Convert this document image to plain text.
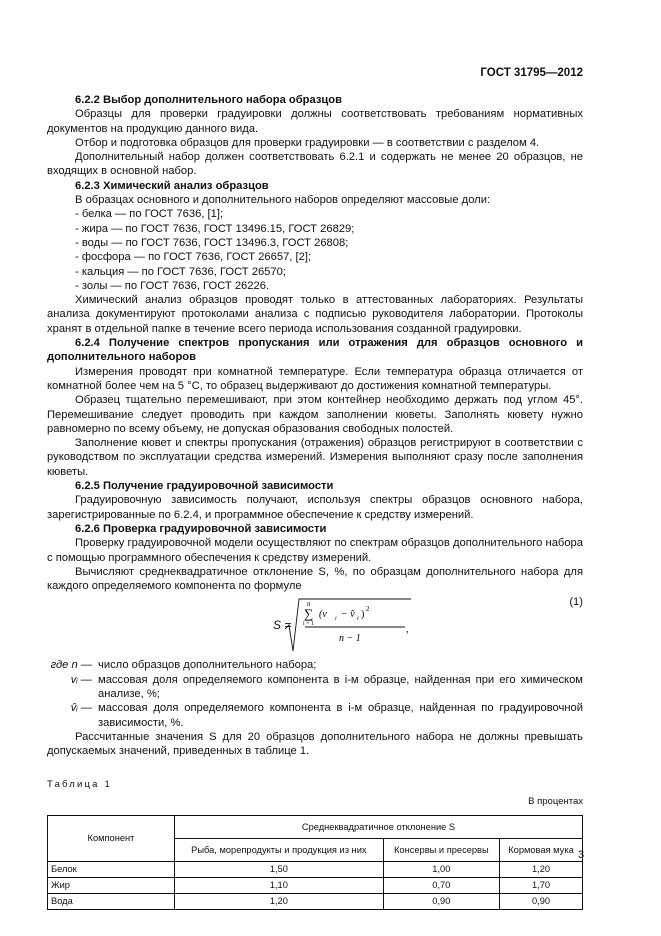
ГОСТ 31795—2012

6.2.2 Выбор дополнительного набора образцов

Образцы для проверки градуировки должны соответствовать требованиям нормативных документов на продукцию данного вида.

Отбор и подготовка образцов для проверки градуировки — в соответствии с разделом 4.

Дополнительный набор должен соответствовать 6.2.1 и содержать не менее 20 образцов, не входящих в основной набор.

6.2.3 Химический анализ образцов

В образцах основного и дополнительного наборов определяют массовые доли:

- белка — по ГОСТ 7636, [1];

- жира — по ГОСТ 7636, ГОСТ 13496.15, ГОСТ 26829;

- воды — по ГОСТ 7636, ГОСТ 13496.3, ГОСТ 26808;

- фосфора — по ГОСТ 7636, ГОСТ 26657, [2];

- кальция — по ГОСТ 7636, ГОСТ 26570;

- золы — по ГОСТ 7636, ГОСТ 26226.

Химический анализ образцов проводят только в аттестованных лабораториях. Результаты анализа документируют протоколами анализа с подписью руководителя лаборатории. Протоколы хранят в отдельной папке в течение всего периода использования созданной градуировки.

6.2.4 Получение спектров пропускания или отражения для образцов основного и дополнительного наборов

Измерения проводят при комнатной температуре. Если температура образца отличается от комнатной более чем на 5 °С, то образец выдерживают до достижения комнатной температуры.

Образец тщательно перемешивают, при этом контейнер необходимо держать под углом 45°. Перемешивание следует проводить при каждом заполнении кюветы. Заполнять кювету нужно равномерно по всему объему, не допуская образования свободных полостей.

Заполнение кювет и спектры пропускания (отражения) образцов регистрируют в соответствии с руководством по эксплуатации средства измерений. Измерения выполняют сразу после заполнения кюветы.

6.2.5 Получение градуировочной зависимости

Градуировочную зависимость получают, используя спектры образцов основного набора, зарегистрированные по 6.2.4, и программное обеспечение к средству измерений.

6.2.6 Проверка градуировочной зависимости

Проверку градуировочной модели осуществляют по спектрам образцов дополнительного набора с помощью программного обеспечения к средству измерений.

Вычисляют среднеквадратичное отклонение S, %, по образцам дополнительного набора для каждого определяемого компонента по формуле

S =
n
∑
i = 1
(v i − v̂ i ) 2
n − 1
,
(1)
где n — число образцов дополнительного набора;
vᵢ — массовая доля определяемого компонента в i-м образце, найденная при его химическом анализе, %;
v̂ᵢ — массовая доля определяемого компонента в i-м образце, найденная по градуировочной зависимости, %.

Рассчитанные значения S для 20 образцов дополнительного набора не должны превышать допускаемых значений, приведенных в таблице 1.

Таблица 1
В процентах
Компонент	Среднеквадратичное отклонение S		
	Рыба, морепродукты и продукция из них	Консервы и пресервы	Кормовая мука
Белок	1,50	1,00	1,20
Жир	1,10	0,70	1,70
Вода	1,20	0,90	0,90
3
